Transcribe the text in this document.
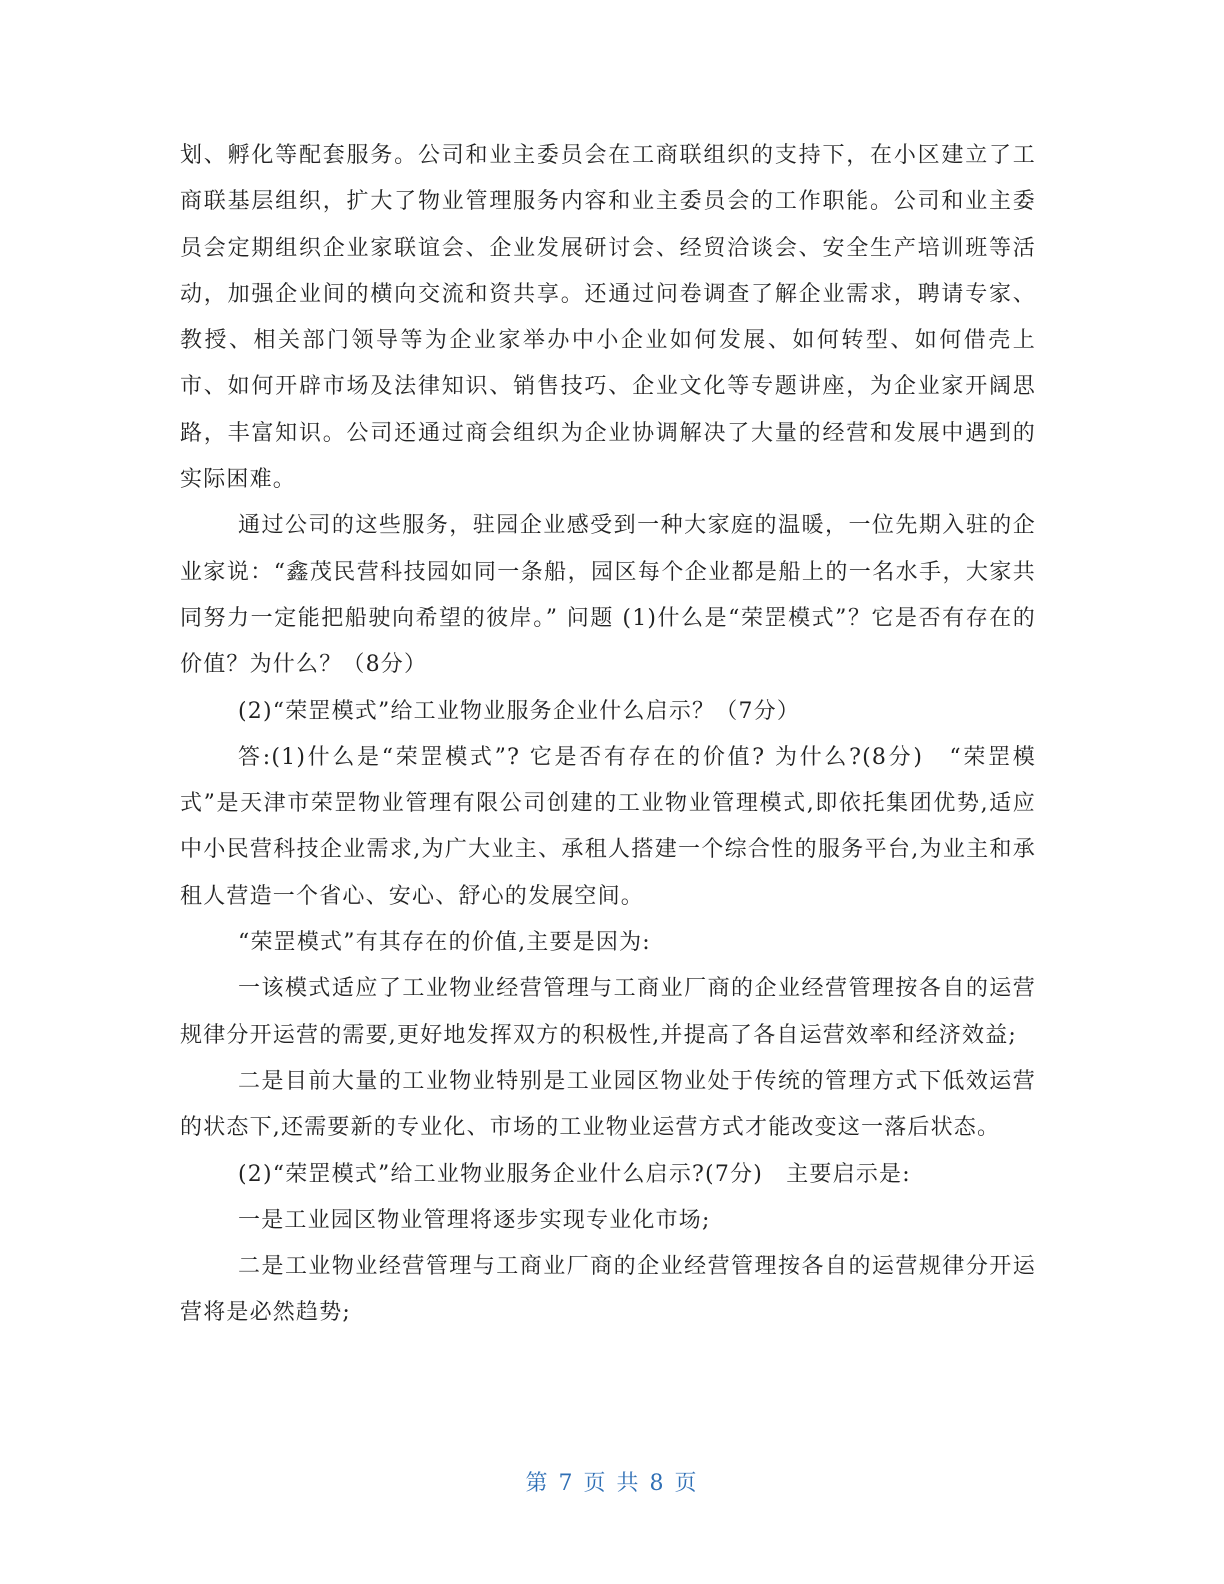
划、孵化等配套服务。公司和业主委员会在工商联组织的支持下，在小区建立了工商联基层组织，扩大了物业管理服务内容和业主委员会的工作职能。公司和业主委员会定期组织企业家联谊会、企业发展研讨会、经贸洽谈会、安全生产培训班等活动，加强企业间的横向交流和资共享。还通过问卷调查了解企业需求，聘请专家、教授、相关部门领导等为企业家举办中小企业如何发展、如何转型、如何借壳上市、如何开辟市场及法律知识、销售技巧、企业文化等专题讲座，为企业家开阔思路，丰富知识。公司还通过商会组织为企业协调解决了大量的经营和发展中遇到的实际困难。

通过公司的这些服务，驻园企业感受到一种大家庭的温暖，一位先期入驻的企业家说：“鑫茂民营科技园如同一条船，园区每个企业都是船上的一名水手，大家共同努力一定能把船驶向希望的彼岸。” 问题 (1)什么是“荣罡模式”？它是否有存在的价值？为什么？（8分）

(2)“荣罡模式”给工业物业服务企业什么启示？（7分）

答:(1)什么是“荣罡模式”? 它是否有存在的价值? 为什么?(8分)　“荣罡模式”是天津市荣罡物业管理有限公司创建的工业物业管理模式,即依托集团优势,适应中小民营科技企业需求,为广大业主、承租人搭建一个综合性的服务平台,为业主和承租人营造一个省心、安心、舒心的发展空间。

“荣罡模式”有其存在的价值,主要是因为:

一该模式适应了工业物业经营管理与工商业厂商的企业经营管理按各自的运营规律分开运营的需要,更好地发挥双方的积极性,并提高了各自运营效率和经济效益;

二是目前大量的工业物业特别是工业园区物业处于传统的管理方式下低效运营的状态下,还需要新的专业化、市场的工业物业运营方式才能改变这一落后状态。

(2)“荣罡模式”给工业物业服务企业什么启示?(7分)　主要启示是:

一是工业园区物业管理将逐步实现专业化市场;

二是工业物业经营管理与工商业厂商的企业经营管理按各自的运营规律分开运营将是必然趋势;

第 7 页 共 8 页
